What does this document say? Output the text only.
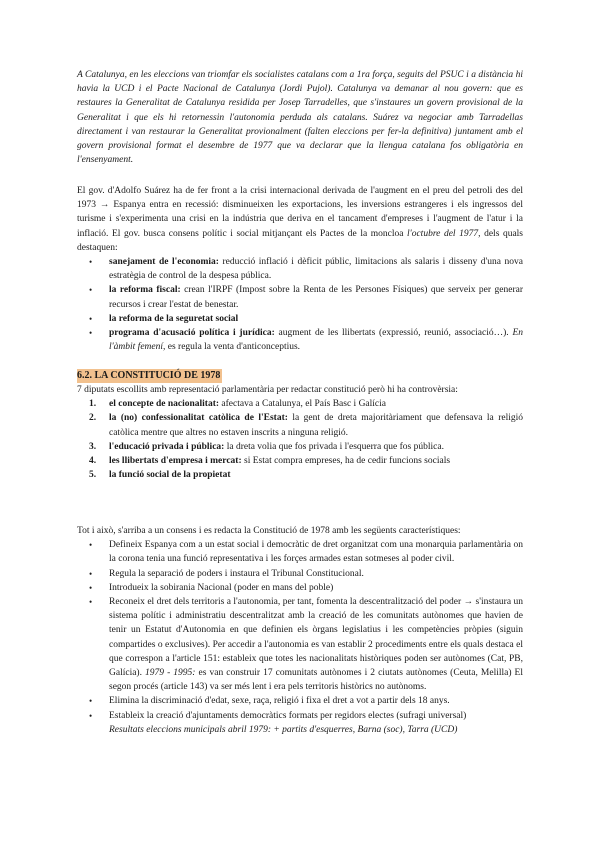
A Catalunya, en les eleccions van triomfar els socialistes catalans com a 1ra força, seguits del PSUC i a distància hi havia la UCD i el Pacte Nacional de Catalunya (Jordi Pujol). Catalunya va demanar al nou govern: que es restaures la Generalitat de Catalunya residida per Josep Tarradelles, que s'instaures un govern provisional de la Generalitat i que els hi retornessin l'autonomia perduda als catalans. Suárez va negociar amb Tarradellas directament i van restaurar la Generalitat provionalment (falten eleccions per fer-la definitiva) juntament amb el govern provisional format el desembre de 1977 que va declarar que la llengua catalana fos obligatòria en l'ensenyament.

El gov. d'Adolfo Suárez ha de fer front a la crisi internacional derivada de l'augment en el preu del petroli des del 1973 → Espanya entra en recessió: disminueixen les exportacions, les inversions estrangeres i els ingressos del turisme i s'experimenta una crisi en la indústria que deriva en el tancament d'empreses i l'augment de l'atur i la inflació. El gov. busca consens polític i social mitjançant els Pactes de la moncloa l'octubre del 1977, dels quals destaquen:

• sanejament de l'economia: reducció inflació i dèficit públic, limitacions als salaris i disseny d'una nova estratègia de control de la despesa pública.
• la reforma fiscal: crean l'IRPF (Impost sobre la Renta de les Persones Físiques) que serveix per generar recursos i crear l'estat de benestar.
• la reforma de la seguretat social
• programa d'acusació política i jurídica: augment de les llibertats (expressió, reunió, associació…). En l'àmbit femení, es regula la venta d'anticonceptius.
6.2. LA CONSTITUCIÓ DE 1978

7 diputats escollits amb representació parlamentària per redactar constitució però hi ha controvèrsia:

1. el concepte de nacionalitat: afectava a Catalunya, el País Basc i Galícia
2. la (no) confessionalitat catòlica de l'Estat: la gent de dreta majoritàriament que defensava la religió catòlica mentre que altres no estaven inscrits a ninguna religió.
3. l'educació privada i pública: la dreta volia que fos privada i l'esquerra que fos pública.
4. les llibertats d'empresa i mercat: si Estat compra empreses, ha de cedir funcions socials
5. la funció social de la propietat

Tot i això, s'arriba a un consens i es redacta la Constitució de 1978 amb les següents característiques:

• Defineix Espanya com a un estat social i democràtic de dret organitzat com una monarquia parlamentària on la corona tenia una funció representativa i les forçes armades estan sotmeses al poder civil.
• Regula la separació de poders i instaura el Tribunal Constitucional.
• Introdueix la sobirania Nacional (poder en mans del poble)
• Reconeix el dret dels territoris a l'autonomia, per tant, fomenta la descentralització del poder → s'instaura un sistema polític i administratiu descentralitzat amb la creació de les comunitats autònomes que havien de tenir un Estatut d'Autonomia en que definien els òrgans legislatius i les competències pròpies (siguin compartides o exclusives). Per accedir a l'autonomia es van establir 2 procediments entre els quals destaca el que correspon a l'article 151: estableix que totes les nacionalitats històriques poden ser autònomes (Cat, PB, Galícia). 1979 - 1995: es van construir 17 comunitats autònomes i 2 ciutats autònomes (Ceuta, Melilla) El segon procés (article 143) va ser més lent i era pels territoris històrics no autònoms.
• Elimina la discriminació d'edat, sexe, raça, religió i fixa el dret a vot a partir dels 18 anys.
• Estableix la creació d'ajuntaments democràtics formats per regidors electes (sufragi universal)
Resultats eleccions municipals abril 1979: + partits d'esquerres, Barna (soc), Tarra (UCD)
